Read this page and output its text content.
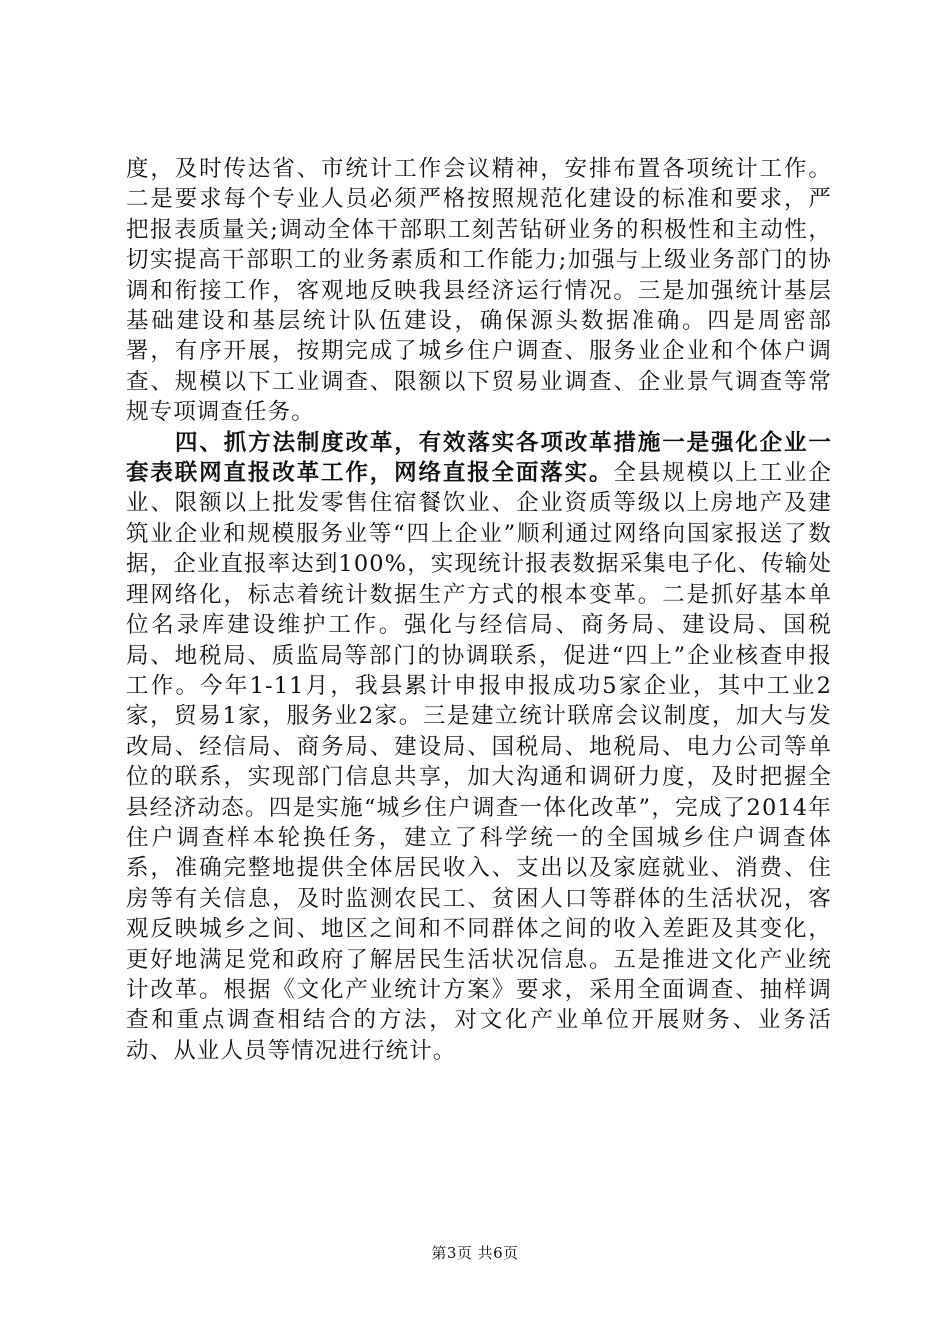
度，及时传达省、市统计工作会议精神，安排布置各项统计工作。二是要求每个专业人员必须严格按照规范化建设的标准和要求，严把报表质量关;调动全体干部职工刻苦钻研业务的积极性和主动性，切实提高干部职工的业务素质和工作能力;加强与上级业务部门的协调和衔接工作，客观地反映我县经济运行情况。三是加强统计基层基础建设和基层统计队伍建设，确保源头数据准确。四是周密部署，有序开展，按期完成了城乡住户调查、服务业企业和个体户调查、规模以下工业调查、限额以下贸易业调查、企业景气调查等常规专项调查任务。

四、抓方法制度改革，有效落实各项改革措施一是强化企业一套表联网直报改革工作，网络直报全面落实。全县规模以上工业企业、限额以上批发零售住宿餐饮业、企业资质等级以上房地产及建筑业企业和规模服务业等“四上企业”顺利通过网络向国家报送了数据，企业直报率达到100%，实现统计报表数据采集电子化、传输处理网络化，标志着统计数据生产方式的根本变革。二是抓好基本单位名录库建设维护工作。强化与经信局、商务局、建设局、国税局、地税局、质监局等部门的协调联系，促进“四上”企业核查申报工作。今年1-11月，我县累计申报申报成功5家企业，其中工业2家，贸易1家，服务业2家。三是建立统计联席会议制度，加大与发改局、经信局、商务局、建设局、国税局、地税局、电力公司等单位的联系，实现部门信息共享，加大沟通和调研力度，及时把握全县经济动态。四是实施“城乡住户调查一体化改革”，完成了2014年住户调查样本轮换任务，建立了科学统一的全国城乡住户调查体系，准确完整地提供全体居民收入、支出以及家庭就业、消费、住房等有关信息，及时监测农民工、贫困人口等群体的生活状况，客观反映城乡之间、地区之间和不同群体之间的收入差距及其变化，更好地满足党和政府了解居民生活状况信息。五是推进文化产业统计改革。根据《文化产业统计方案》要求，采用全面调查、抽样调查和重点调查相结合的方法，对文化产业单位开展财务、业务活动、从业人员等情况进行统计。

第3页 共6页
